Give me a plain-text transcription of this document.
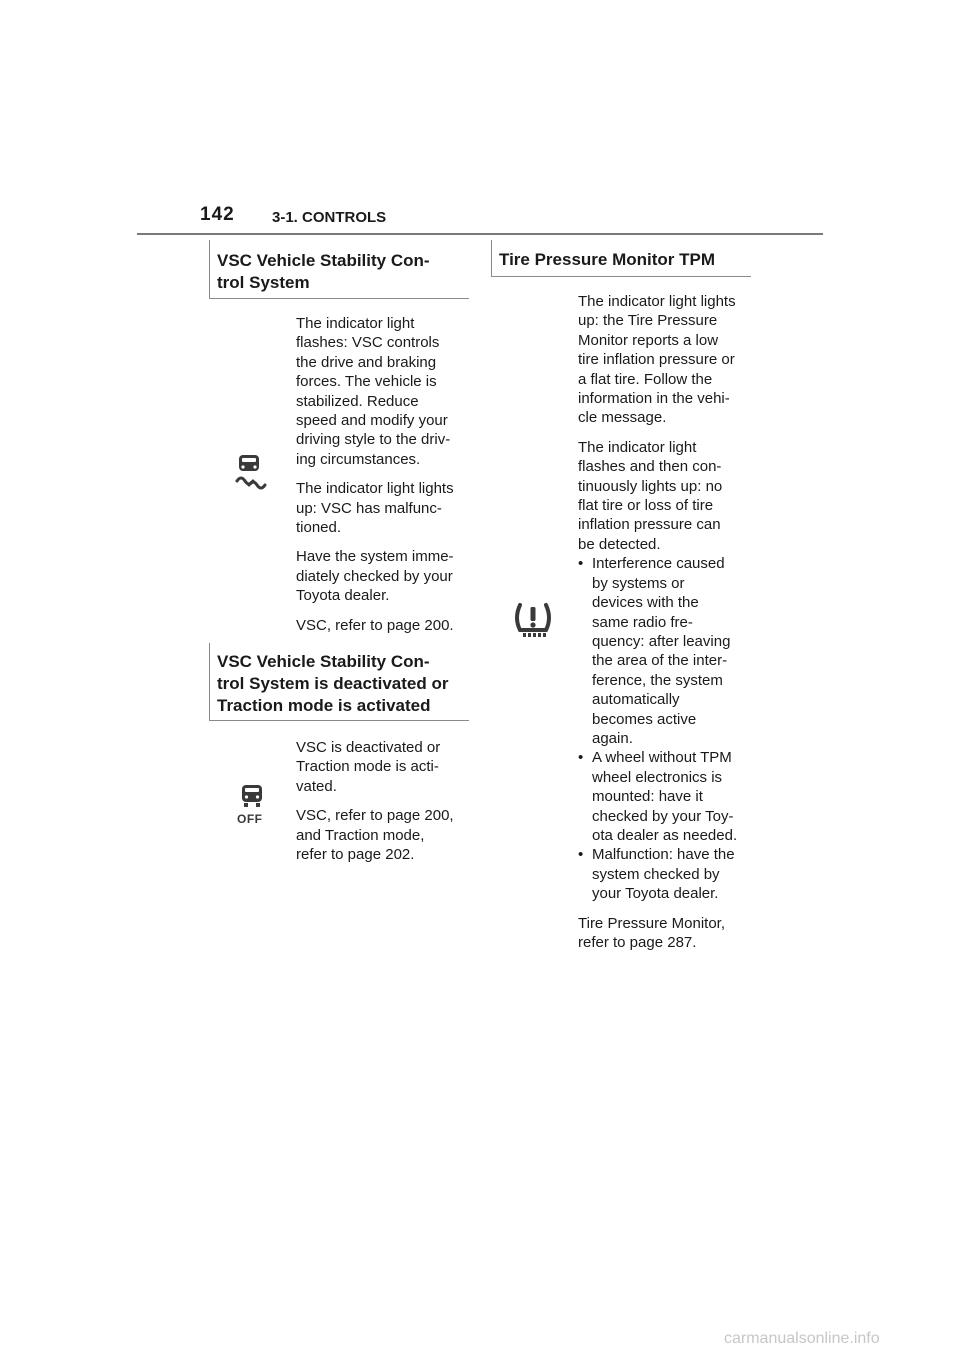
142 3-1. CONTROLS
VSC Vehicle Stability Con-
trol System

The indicator light
flashes: VSC controls
the drive and braking
forces. The vehicle is
stabilized. Reduce
speed and modify your
driving style to the driv-
ing circumstances.

The indicator light lights
up: VSC has malfunc-
tioned.

Have the system imme-
diately checked by your
Toyota dealer.

VSC, refer to page 200.

VSC Vehicle Stability Con-
trol System is deactivated or
Traction mode is activated
OFF

VSC is deactivated or
Traction mode is acti-
vated.

VSC, refer to page 200,
and Traction mode,
refer to page 202.

Tire Pressure Monitor TPM

The indicator light lights
up: the Tire Pressure
Monitor reports a low
tire inflation pressure or
a flat tire. Follow the
information in the vehi-
cle message.

The indicator light
flashes and then con-
tinuously lights up: no
flat tire or loss of tire
inflation pressure can
be detected.

• Interference caused
by systems or
devices with the
same radio fre-
quency: after leaving
the area of the inter-
ference, the system
automatically
becomes active
again.
• A wheel without TPM
wheel electronics is
mounted: have it
checked by your Toy-
ota dealer as needed.
• Malfunction: have the
system checked by
your Toyota dealer.

Tire Pressure Monitor,
refer to page 287.

carmanualsonline.info
